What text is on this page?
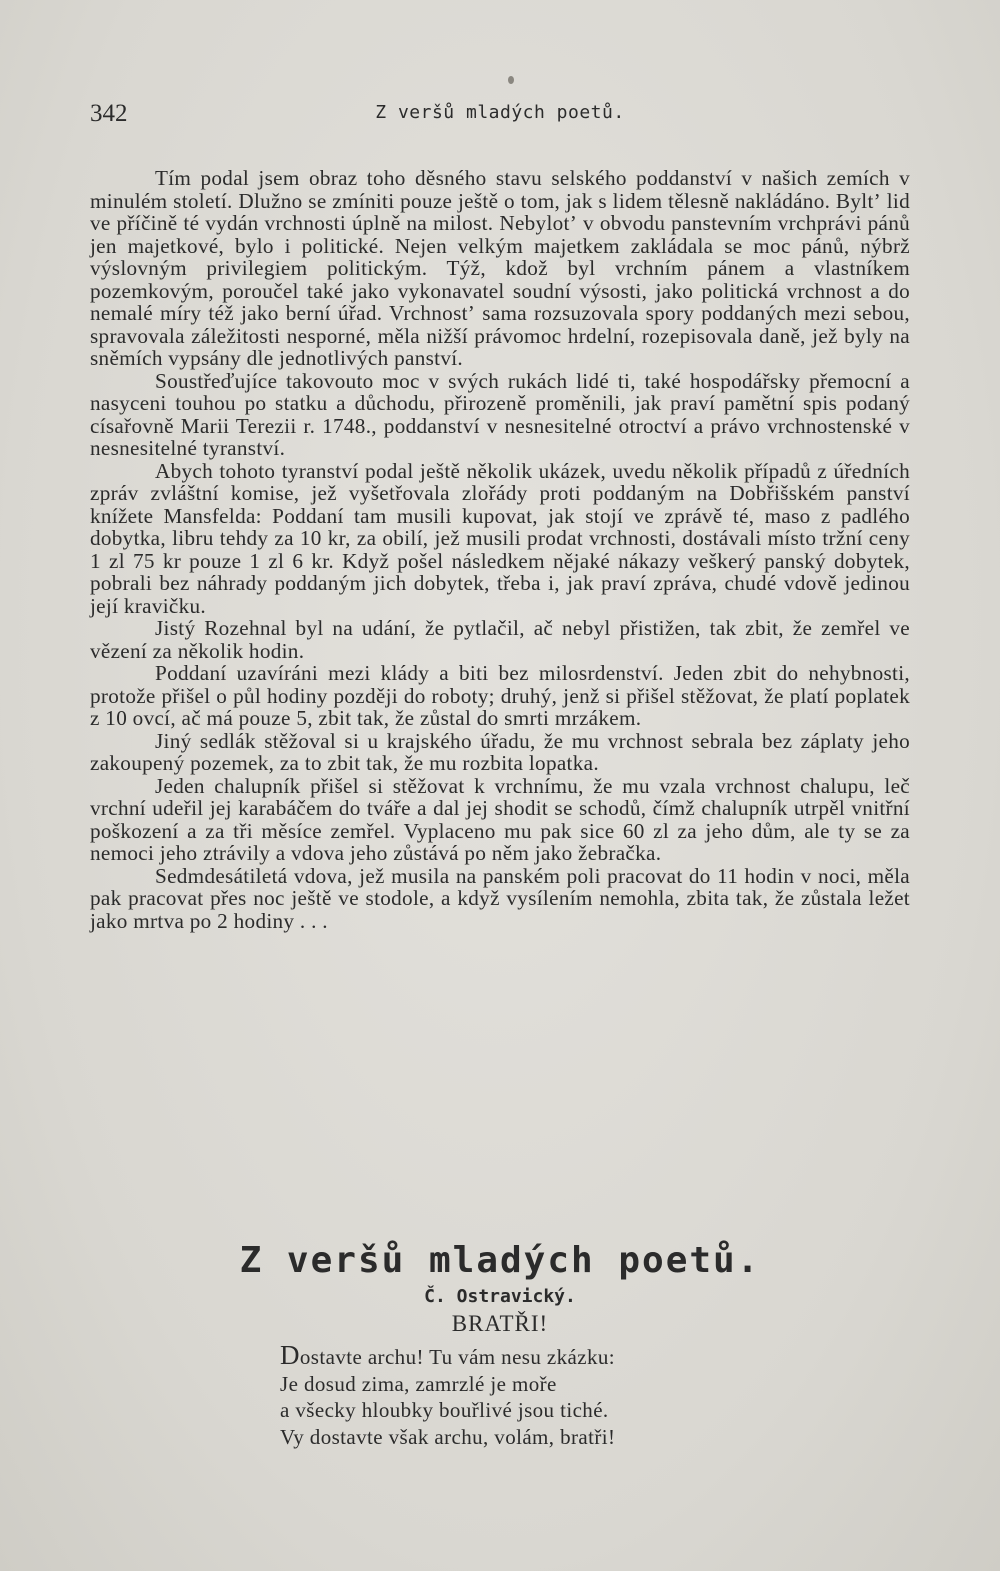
342	Z veršů mladých poetů.

Tím podal jsem obraz toho děsného stavu selského poddanství v našich zemích v minulém století. Dlužno se zmíniti pouze ještě o tom, jak s lidem tělesně nakládáno. Byltʼ lid ve příčině té vydán vrchnosti úplně na milost. Nebylotʼ v obvodu panstevním vrchprávi pánů jen majetkové, bylo i politické. Nejen velkým majetkem zakládala se moc pánů, nýbrž výslovným privilegiem politickým. Týž, kdož byl vrchním pánem a vlastníkem pozemkovým, poroučel také jako vykonavatel soudní výsosti, jako politická vrchnost a do nemalé míry též jako berní úřad. Vrchnostʼ sama rozsuzovala spory poddaných mezi sebou, spravovala záležitosti nesporné, měla nižší právomoc hrdelní, rozepisovala daně, jež byly na sněmích vypsány dle jednotlivých panství.

Soustřeďujíce takovouto moc v svých rukách lidé ti, také hospodářsky přemocní a nasyceni touhou po statku a důchodu, přirozeně proměnili, jak praví pamětní spis podaný císařovně Marii Terezii r. 1748., poddanství v nesnesitelné otroctví a právo vrchnostenské v nesnesitelné tyranství.

Abych tohoto tyranství podal ještě několik ukázek, uvedu několik případů z úředních zpráv zvláštní komise, jež vyšetřovala zlořády proti poddaným na Dobřišském panství knížete Mansfelda: Poddaní tam musili kupovat, jak stojí ve zprávě té, maso z padlého dobytka, libru tehdy za 10 kr, za obilí, jež musili prodat vrchnosti, dostávali místo tržní ceny 1 zl 75 kr pouze 1 zl 6 kr. Když pošel následkem nějaké nákazy veškerý panský dobytek, pobrali bez náhrady poddaným jich dobytek, třeba i, jak praví zpráva, chudé vdově jedinou její kravičku.

Jistý Rozehnal byl na udání, že pytlačil, ač nebyl přistižen, tak zbit, že zemřel ve vězení za několik hodin.

Poddaní uzavíráni mezi klády a biti bez milosrdenství. Jeden zbit do nehybnosti, protože přišel o půl hodiny později do roboty; druhý, jenž si přišel stěžovat, že platí poplatek z 10 ovcí, ač má pouze 5, zbit tak, že zůstal do smrti mrzákem.

Jiný sedlák stěžoval si u krajského úřadu, že mu vrchnost sebrala bez záplaty jeho zakoupený pozemek, za to zbit tak, že mu rozbita lopatka.

Jeden chalupník přišel si stěžovat k vrchnímu, že mu vzala vrchnost chalupu, leč vrchní udeřil jej karabáčem do tváře a dal jej shodit se schodů, čímž chalupník utrpěl vnitřní poškození a za tři měsíce zemřel. Vyplaceno mu pak sice 60 zl za jeho dům, ale ty se za nemoci jeho ztrávily a vdova jeho zůstává po něm jako žebračka.

Sedmdesátiletá vdova, jež musila na panském poli pracovat do 11 hodin v noci, měla pak pracovat přes noc ještě ve stodole, a když vysílením nemohla, zbita tak, že zůstala ležet jako mrtva po 2 hodiny . . .

Z veršů mladých poetů.
Č. Ostravický.
BRATŘI!
Dostavte archu! Tu vám nesu zkázku:
Je dosud zima, zamrzlé je moře
a všecky hloubky bouřlivé jsou tiché.
Vy dostavte však archu, volám, bratři!
